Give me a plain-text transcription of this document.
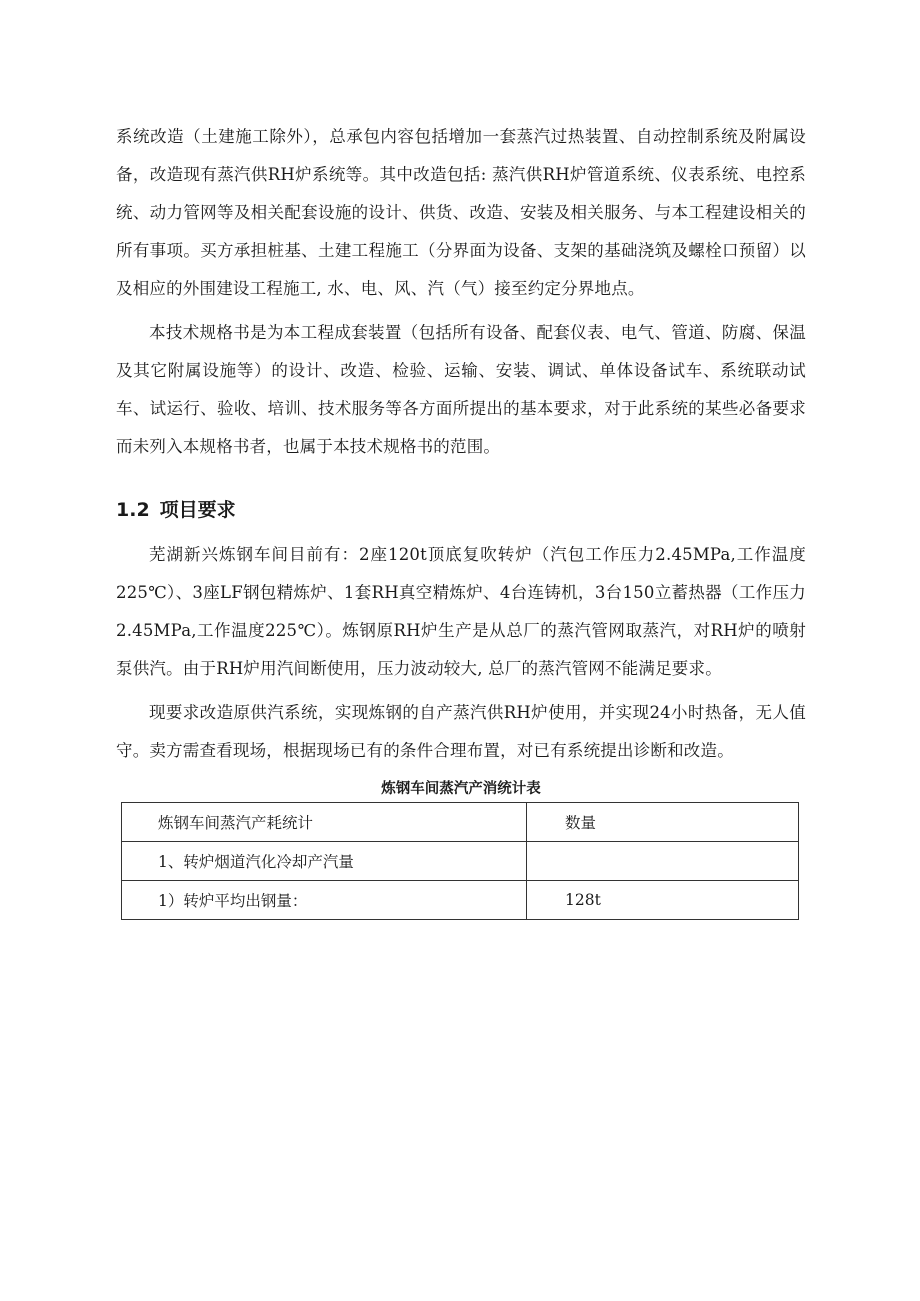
系统改造（土建施工除外），总承包内容包括增加一套蒸汽过热装置、自动控制系统及附属设备，改造现有蒸汽供RH炉系统等。其中改造包括: 蒸汽供RH炉管道系统、仪表系统、电控系统、动力管网等及相关配套设施的设计、供货、改造、安装及相关服务、与本工程建设相关的所有事项。买方承担桩基、土建工程施工（分界面为设备、支架的基础浇筑及螺栓口预留）以及相应的外围建设工程施工, 水、电、风、汽（气）接至约定分界地点。

本技术规格书是为本工程成套装置（包括所有设备、配套仪表、电气、管道、防腐、保温及其它附属设施等）的设计、改造、检验、运输、安装、调试、单体设备试车、系统联动试车、试运行、验收、培训、技术服务等各方面所提出的基本要求，对于此系统的某些必备要求而未列入本规格书者，也属于本技术规格书的范围。

1.2 项目要求

芜湖新兴炼钢车间目前有：2座120t顶底复吹转炉（汽包工作压力2.45MPa,工作温度225℃）、3座LF钢包精炼炉、1套RH真空精炼炉、4台连铸机，3台150立蓄热器（工作压力2.45MPa,工作温度225℃）。炼钢原RH炉生产是从总厂的蒸汽管网取蒸汽，对RH炉的喷射泵供汽。由于RH炉用汽间断使用，压力波动较大, 总厂的蒸汽管网不能满足要求。

现要求改造原供汽系统，实现炼钢的自产蒸汽供RH炉使用，并实现24小时热备，无人值守。卖方需查看现场，根据现场已有的条件合理布置，对已有系统提出诊断和改造。

炼钢车间蒸汽产消统计表
炼钢车间蒸汽产耗统计	数量
1、转炉烟道汽化冷却产汽量	
1）转炉平均出钢量：	128t
